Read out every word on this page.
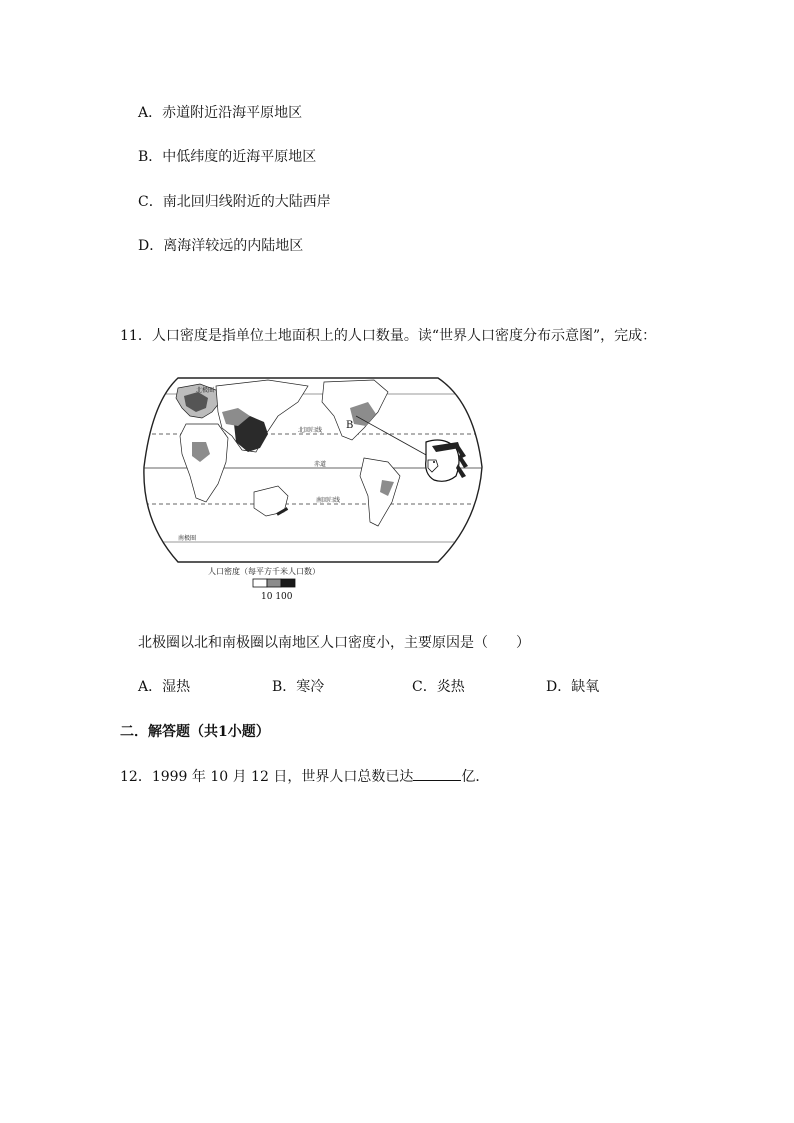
A．赤道附近沿海平原地区
B．中低纬度的近海平原地区
C．南北回归线附近的大陆西岸
D．离海洋较远的内陆地区
11．人口密度是指单位土地面积上的人口数量。读“世界人口密度分布示意图”，完成：
北极圈
北回归线
赤道
南回归线
南极圈
B
人口密度（每平方千米人口数）
10 100
北极圈以北和南极圈以南地区人口密度小，主要原因是（　　）
A．湿热	B．寒冷	C．炎热	D．缺氧
二．解答题（共1小题）
12．1999 年 10 月 12 日，世界人口总数已达	亿．
